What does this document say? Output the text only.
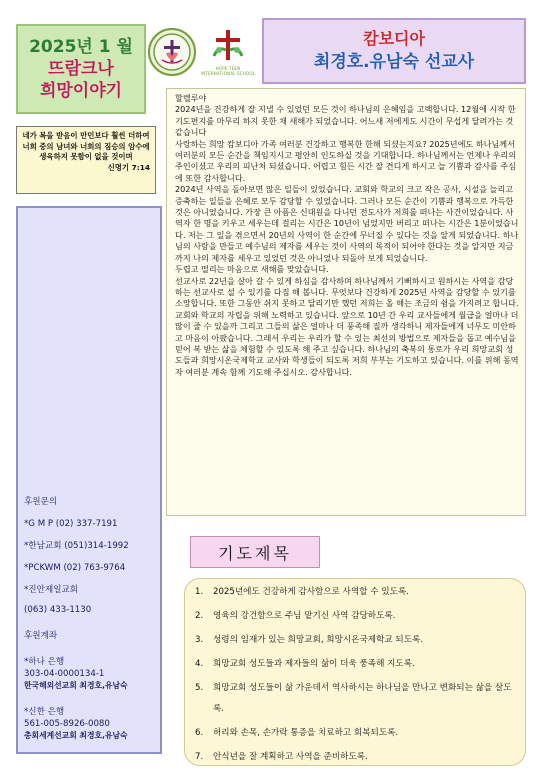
2025년 1 월
뜨람크나
희망이야기
HOPE TEEN INTERNATIONAL SCHOOL
캄보디아
최경호.유남숙 선교사
네가 복을 받음이 만민보다 훨씬 더하여 너희 중의 남녀와 너희의 짐승의 암수에 생육하지 못함이 없을 것이며
신명기 7:14
후원문의
*G M P (02) 337-7191
*한남교회 (051)314-1992
*PCKWM (02) 763-9764
*진안제일교회
(063) 433-1130
후원계좌
*하나 은행
303-04-0000134-1
한국해외선교회 최경호,유남숙
*신한 은행
561-005-8926-0080
총회세계선교회 최경호,유남숙

할렐루야

2024년을 건강하게 잘 지낼 수 있었던 모든 것이 하나님의 은혜임을 고백합니다. 12월에 시작 한 기도편지를 마무리 하지 못한 채 새해가 되었습니다. 어느새 저에게도 시간이 무섭게 달려가는 것 같습니다

사랑하는 희망 캄보디아 가족 여러분 건강하고 행복한 한해 되셨는지요? 2025년에도 하나님께서 여러분의 모든 순간을 책임지시고 평안히 인도하실 것을 기대합니다. 하나님께서는 언제나 우리의 주인이셨고 우리의 피난처 되셨습니다. 어렵고 힘든 시간 잘 견디게 하시고 늘 기쁨과 감사를 주심에 또한 감사합니다.

2024년 사역을 돌아보면 많은 일들이 있었습니다. 교회와 학교의 크고 작은 공사, 시설을 늘리고 증축하는 일들을 은혜로 모두 감당할 수 있었습니다. 그러나 모든 순간이 기쁨과 행복으로 가득한 것은 아니었습니다. 가장 큰 아픔은 신대원을 다니던 전도사가 저희를 떠나는 사건이었습니다. 사역자 한 명을 키우고 세우는데 걸리는 시간은 10년이 넘었지만 버리고 떠나는 시간은 1분이었습니다. 저는 그 일을 겪으면서 20년의 사역이 한 순간에 무너질 수 있다는 것을 알게 되었습니다. 하나님의 사람을 만들고 예수님의 제자를 세우는 것이 사역의 목적이 되어야 한다는 것을 알지만 지금까지 나의 제자를 세우고 있었던 것은 아니었나 되돌아 보게 되었습니다.

두렵고 떨리는 마음으로 새해를 맞았습니다.

선교사로 22년을 살아 갈 수 있게 하심을 감사하며 하나님께서 기뻐하시고 원하시는 사역을 감당하는 선교사로 설 수 있기를 다짐 해 봅니다. 무엇보다 건강하게 2025년 사역을 감당할 수 있기를 소망합니다. 또한 그동안 쉬지 못하고 달리기만 했던 저희는 올 해는 조금의 쉼을 가지려고 합니다. 교회와 학교의 자립을 위해 노력하고 있습니다. 앞으로 10년 간 우리 교사들에게 월급을 얼마나 더 많이 줄 수 있을까 그리고 그들의 삶은 얼마나 더 풍족해 질까 생각하니 제자들에게 너무도 미안하고 마음이 아팠습니다. 그래서 우리는 우리가 할 수 있는 최선의 방법으로 제자들을 돕고 예수님을 믿어 복 받는 삶을 체험할 수 있도록 해 주고 싶습니다. 하나님의 축복의 통로가 우리 희망교회 성도들과 희망시온국제학교 교사와 학생들이 되도록 저희 부부는 기도하고 있습니다. 이를 위해 동역자 여러분 계속 함께 기도해 주십시오. 감사합니다.

기도제목
1.	2025년에도 건강하게 감사함으로 사역할 수 있도록.
2.	영육의 강건함으로 주님 맡기신 사역 감당하도록.
3.	성령의 임재가 있는 희망교회, 희망시온국제학교 되도록.
4.	희망교회 성도들과 제자들의 삶이 더욱 풍족해 지도록.
5.	희망교회 성도들이 삶 가운데서 역사하시는 하나님을 만나고 변화되는 삶을 살도록.
6.	허리와 손목, 손가락 통증을 치료하고 회복되도록.
7.	안식년을 잘 계획하고 사역을 준비하도록.
